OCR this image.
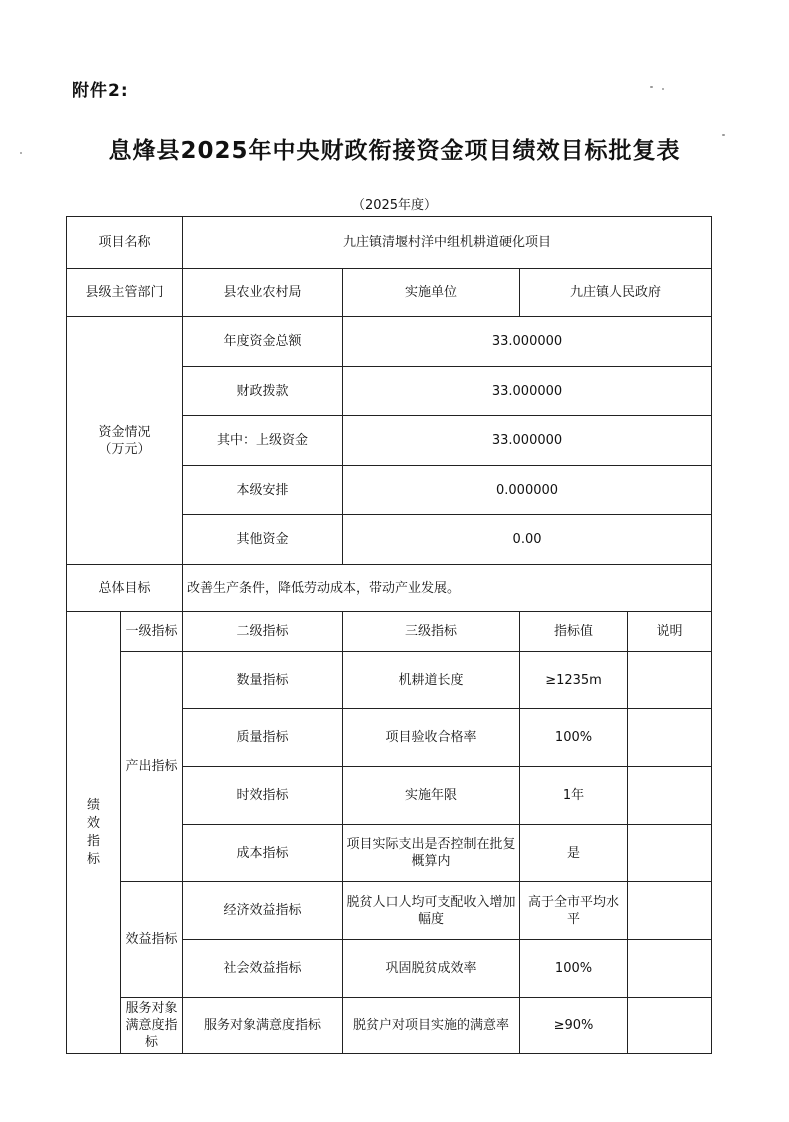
附件2:
息烽县2025年中央财政衔接资金项目绩效目标批复表
（2025年度）
项目名称		九庄镇清堰村洋中组机耕道硬化项目			
县级主管部门		县农业农村局	实施单位	九庄镇人民政府	
资金情况
（万元）		年度资金总额	33.000000		
		财政拨款	33.000000		
		其中：上级资金	33.000000		
		本级安排	0.000000		
		其他资金	0.00		
总体目标		改善生产条件，降低劳动成本，带动产业发展。			
绩效指标	一级指标	二级指标	三级指标	指标值	说明
	产出指标	数量指标	机耕道长度	≥1235m	
		质量指标	项目验收合格率	100%	
		时效指标	实施年限	1年	
		成本指标	项目实际支出是否控制在批复概算内	是	
	效益指标	经济效益指标	脱贫人口人均可支配收入增加幅度	高于全市平均水平	
		社会效益指标	巩固脱贫成效率	100%	
	服务对象满意度指标	服务对象满意度指标	脱贫户对项目实施的满意率	≥90%	
